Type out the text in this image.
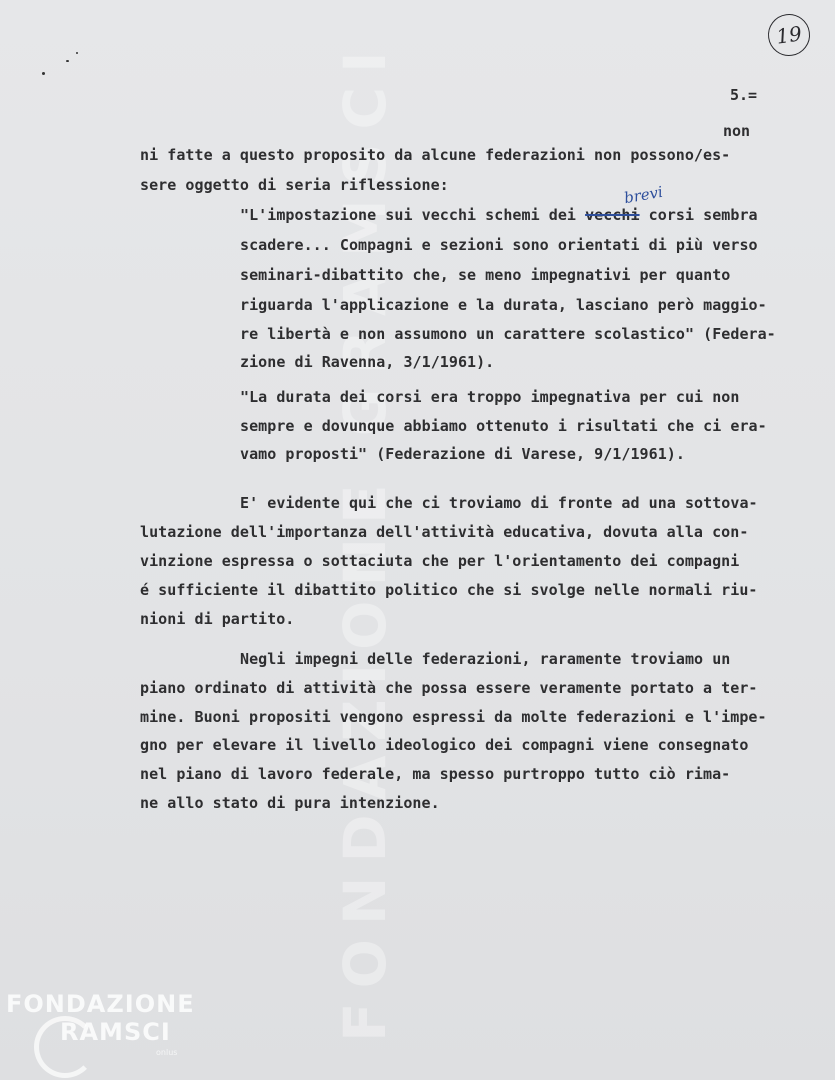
FONDAZIONE GRAMSCI
19
5.=
non
ni fatte a questo proposito da alcune federazioni non possono/es-
sere oggetto di seria riflessione:	brevi
"L'impostazione sui vecchi schemi dei vecchi corsi sembra
scadere... Compagni e sezioni sono orientati di più verso
seminari-dibattito che, se meno impegnativi per quanto
riguarda l'applicazione e la durata, lasciano però maggio-
re libertà e non assumono un carattere scolastico" (Federa-
zione di Ravenna, 3/1/1961).
"La durata dei corsi era troppo impegnativa per cui non
sempre e dovunque abbiamo ottenuto i risultati che ci era-
vamo proposti" (Federazione di Varese, 9/1/1961).
E' evidente qui che ci troviamo di fronte ad una sottova-
lutazione dell'importanza dell'attività educativa, dovuta alla con-
vinzione espressa o sottaciuta che per l'orientamento dei compagni
é sufficiente il dibattito politico che si svolge nelle normali riu-
nioni di partito.
Negli impegni delle federazioni, raramente troviamo un
piano ordinato di attività che possa essere veramente portato a ter-
mine. Buoni propositi vengono espressi da molte federazioni e l'impe-
gno per elevare il livello ideologico dei compagni viene consegnato
nel piano di lavoro federale, ma spesso purtroppo tutto ciò rima-
ne allo stato di pura intenzione.
FONDAZIONE
RAMSCI
onlus
